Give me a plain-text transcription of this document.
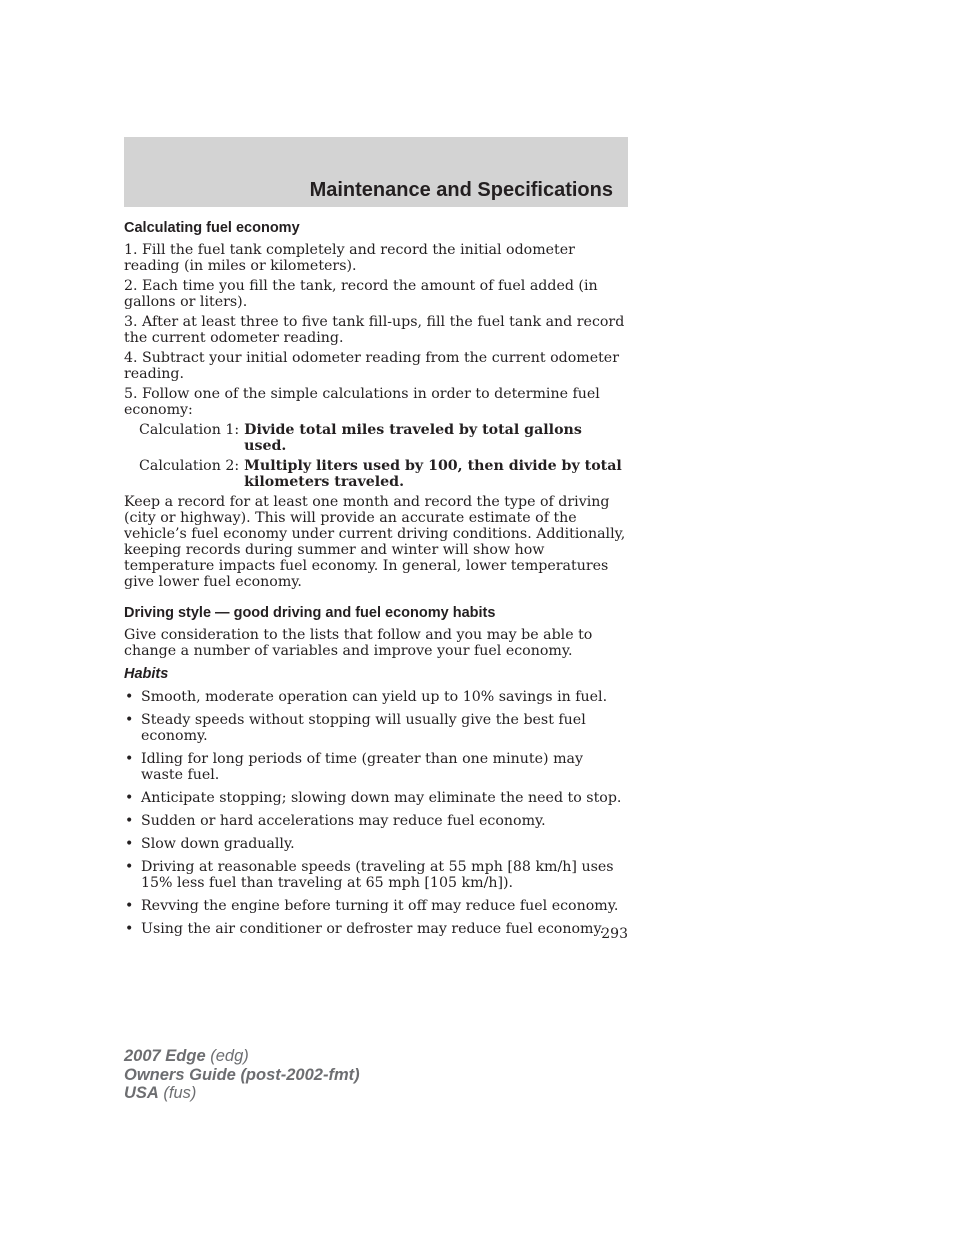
Maintenance and Specifications
Calculating fuel economy

1. Fill the fuel tank completely and record the initial odometer reading (in miles or kilometers).

2. Each time you fill the tank, record the amount of fuel added (in gallons or liters).

3. After at least three to five tank fill-ups, fill the fuel tank and record the current odometer reading.

4. Subtract your initial odometer reading from the current odometer reading.

5. Follow one of the simple calculations in order to determine fuel economy:

Calculation 1: Divide total miles traveled by total gallons used.
Calculation 2: Multiply liters used by 100, then divide by total kilometers traveled.

Keep a record for at least one month and record the type of driving (city or highway). This will provide an accurate estimate of the vehicle’s fuel economy under current driving conditions. Additionally, keeping records during summer and winter will show how temperature impacts fuel economy. In general, lower temperatures give lower fuel economy.

Driving style — good driving and fuel economy habits

Give consideration to the lists that follow and you may be able to change a number of variables and improve your fuel economy.

Habits
• Smooth, moderate operation can yield up to 10% savings in fuel.
• Steady speeds without stopping will usually give the best fuel economy.
• Idling for long periods of time (greater than one minute) may waste fuel.
• Anticipate stopping; slowing down may eliminate the need to stop.
• Sudden or hard accelerations may reduce fuel economy.
• Slow down gradually.
• Driving at reasonable speeds (traveling at 55 mph [88 km/h] uses 15% less fuel than traveling at 65 mph [105 km/h]).
• Revving the engine before turning it off may reduce fuel economy.
• Using the air conditioner or defroster may reduce fuel economy.
293
2007 Edge (edg)
Owners Guide (post-2002-fmt)
USA (fus)
